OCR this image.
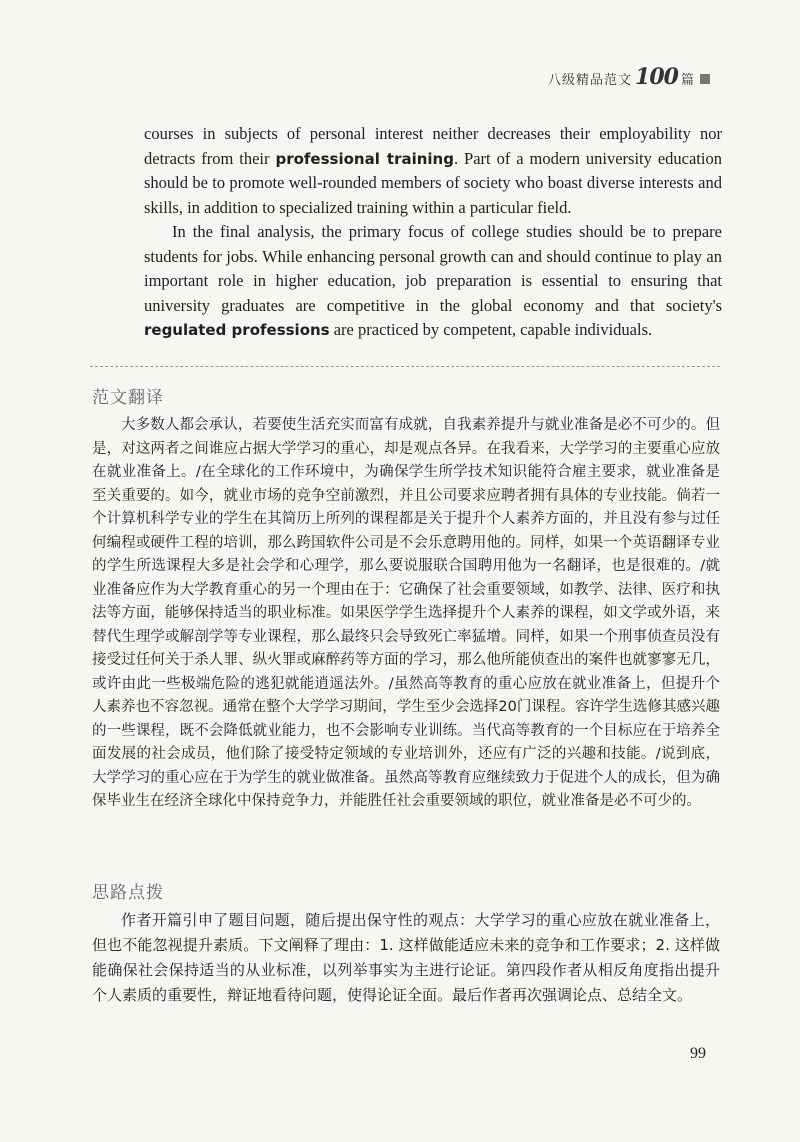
八级精品范文 100 篇

courses in subjects of personal interest neither decreases their employability nor detracts from their professional training. Part of a modern university education should be to promote well-rounded members of society who boast diverse interests and skills, in addition to specialized training within a particular field.

In the final analysis, the primary focus of college studies should be to prepare students for jobs. While enhancing personal growth can and should continue to play an important role in higher education, job preparation is essential to ensuring that university graduates are competitive in the global economy and that society's regulated professions are practiced by competent, capable individuals.

范文翻译
大多数人都会承认，若要使生活充实而富有成就，自我素养提升与就业准备是必不可少的。但是，对这两者之间谁应占据大学学习的重心，却是观点各异。在我看来，大学学习的主要重心应放在就业准备上。/在全球化的工作环境中，为确保学生所学技术知识能符合雇主要求，就业准备是至关重要的。如今，就业市场的竞争空前激烈，并且公司要求应聘者拥有具体的专业技能。倘若一个计算机科学专业的学生在其简历上所列的课程都是关于提升个人素养方面的，并且没有参与过任何编程或硬件工程的培训，那么跨国软件公司是不会乐意聘用他的。同样，如果一个英语翻译专业的学生所选课程大多是社会学和心理学，那么要说服联合国聘用他为一名翻译，也是很难的。/就业准备应作为大学教育重心的另一个理由在于：它确保了社会重要领域，如教学、法律、医疗和执法等方面，能够保持适当的职业标准。如果医学学生选择提升个人素养的课程，如文学或外语，来替代生理学或解剖学等专业课程，那么最终只会导致死亡率猛增。同样，如果一个刑事侦查员没有接受过任何关于杀人罪、纵火罪或麻醉药等方面的学习，那么他所能侦查出的案件也就寥寥无几，或许由此一些极端危险的逃犯就能逍遥法外。/虽然高等教育的重心应放在就业准备上，但提升个人素养也不容忽视。通常在整个大学学习期间，学生至少会选择20门课程。容许学生选修其感兴趣的一些课程，既不会降低就业能力，也不会影响专业训练。当代高等教育的一个目标应在于培养全面发展的社会成员，他们除了接受特定领域的专业培训外，还应有广泛的兴趣和技能。/说到底，大学学习的重心应在于为学生的就业做准备。虽然高等教育应继续致力于促进个人的成长，但为确保毕业生在经济全球化中保持竞争力，并能胜任社会重要领域的职位，就业准备是必不可少的。
思路点拨
作者开篇引申了题目问题，随后提出保守性的观点：大学学习的重心应放在就业准备上，但也不能忽视提升素质。下文阐释了理由：1. 这样做能适应未来的竞争和工作要求；2. 这样做能确保社会保持适当的从业标准，以列举事实为主进行论证。第四段作者从相反角度指出提升个人素质的重要性，辩证地看待问题，使得论证全面。最后作者再次强调论点、总结全文。
99
